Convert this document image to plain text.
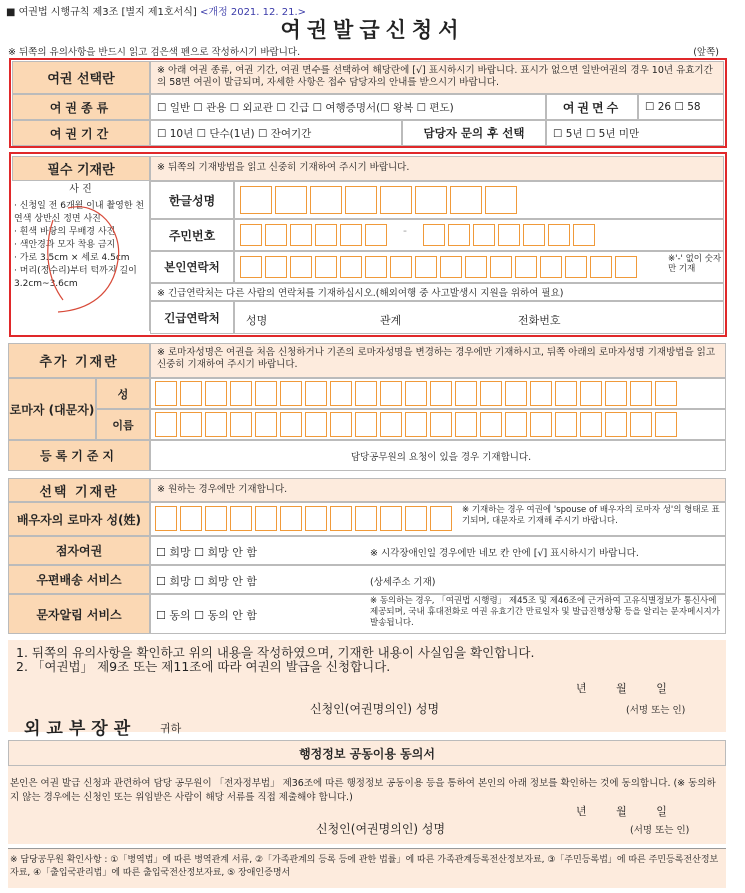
■ 여권법 시행규칙 제3조 [별지 제1호서식] <개정 2021. 12. 21.>
여권발급신청서
※ 뒤쪽의 유의사항을 반드시 읽고 검은색 펜으로 작성하시기 바랍니다.	(앞쪽)
여권 선택란
※ 아래 여권 종류, 여권 기간, 여권 면수를 선택하여 해당란에 [√] 표시하시기 바랍니다. 표시가 없으면 일반여권의 경우 10년 유효기간의 58면 여권이 발급되며, 자세한 사항은 접수 담당자의 안내를 받으시기 바랍니다.
여권종류	☐ 일반 ☐ 관용 ☐ 외교관 ☐ 긴급 ☐ 여행증명서(☐ 왕복 ☐ 편도)	여권면수	☐ 26 ☐ 58
여권기간	☐ 10년 ☐ 단수(1년) ☐ 잔여기간	담당자 문의 후 선택	☐ 5년 ☐ 5년 미만
필수 기재란	※ 뒤쪽의 기재방법을 읽고 신중히 기재하여 주시기 바랍니다.
사 진
· 신청일 전 6개월 이내 촬영한 천연색 상반신 정면 사진
· 흰색 바탕의 무배경 사진
· 색안경과 모자 착용 금지
· 가로 3.5cm × 세로 4.5cm
· 머리(정수리)부터 턱까지 길이 3.2cm~3.6cm
한글성명
주민번호	-
본인연락처
※'-' 없이 숫자만 기재
※ 긴급연락처는 다른 사람의 연락처를 기재하십시오.(해외여행 중 사고발생시 지원을 위하여 필요)
긴급연락처	성명	관계	전화번호
추가 기재란
※ 로마자성명은 여권을 처음 신청하거나 기존의 로마자성명을 변경하는 경우에만 기재하시고, 뒤쪽 아래의 로마자성명 기재방법을 읽고 신중히 기재하여 주시기 바랍니다.
로마자 (대문자)
성
이름
등록기준지	담당공무원의 요청이 있을 경우 기재합니다.
선택 기재란	※ 원하는 경우에만 기재합니다.
배우자의 로마자 성(姓)
※ 기재하는 경우 여권에 'spouse of 배우자의 로마자 성'의 형태로 표기되며, 대문자로 기재해 주시기 바랍니다.
점자여권	☐ 희망 ☐ 희망 안 함	※ 시각장애인일 경우에만 네모 칸 안에 [√] 표시하시기 바랍니다.
우편배송 서비스	☐ 희망 ☐ 희망 안 함	(상세주소 기재)
문자알림 서비스	☐ 동의 ☐ 동의 안 함
※ 동의하는 경우, 「여권법 시행령」 제45조 및 제46조에 근거하여 고유식별정보가 통신사에 제공되며, 국내 휴대전화로 여권 유효기간 만료일자 및 발급진행상황 등을 알리는 문자메시지가 발송됩니다.
1. 뒤쪽의 유의사항을 확인하고 위의 내용을 작성하였으며, 기재한 내용이 사실임을 확인합니다.
2. 「여권법」 제9조 또는 제11조에 따라 여권의 발급을 신청합니다.
년 월 일
신청인(여권명의인) 성명	(서명 또는 인)
외교부장관 귀하
행정정보 공동이용 동의서
본인은 여권 발급 신청과 관련하여 담당 공무원이 「전자정부법」 제36조에 따른 행정정보 공동이용 등을 통하여 본인의 아래 정보를 확인하는 것에 동의합니다. (※ 동의하지 않는 경우에는 신청인 또는 위임받은 사람이 해당 서류를 직접 제출해야 합니다.)
년 월 일
신청인(여권명의인) 성명	(서명 또는 인)
※ 담당공무원 확인사항 : ①「병역법」에 따른 병역관계 서류, ②「가족관계의 등록 등에 관한 법률」에 따른 가족관계등록전산정보자료, ③「주민등록법」에 따른 주민등록전산정보자료, ④「출입국관리법」에 따른 출입국전산정보자료, ⑤ 장애인증명서
